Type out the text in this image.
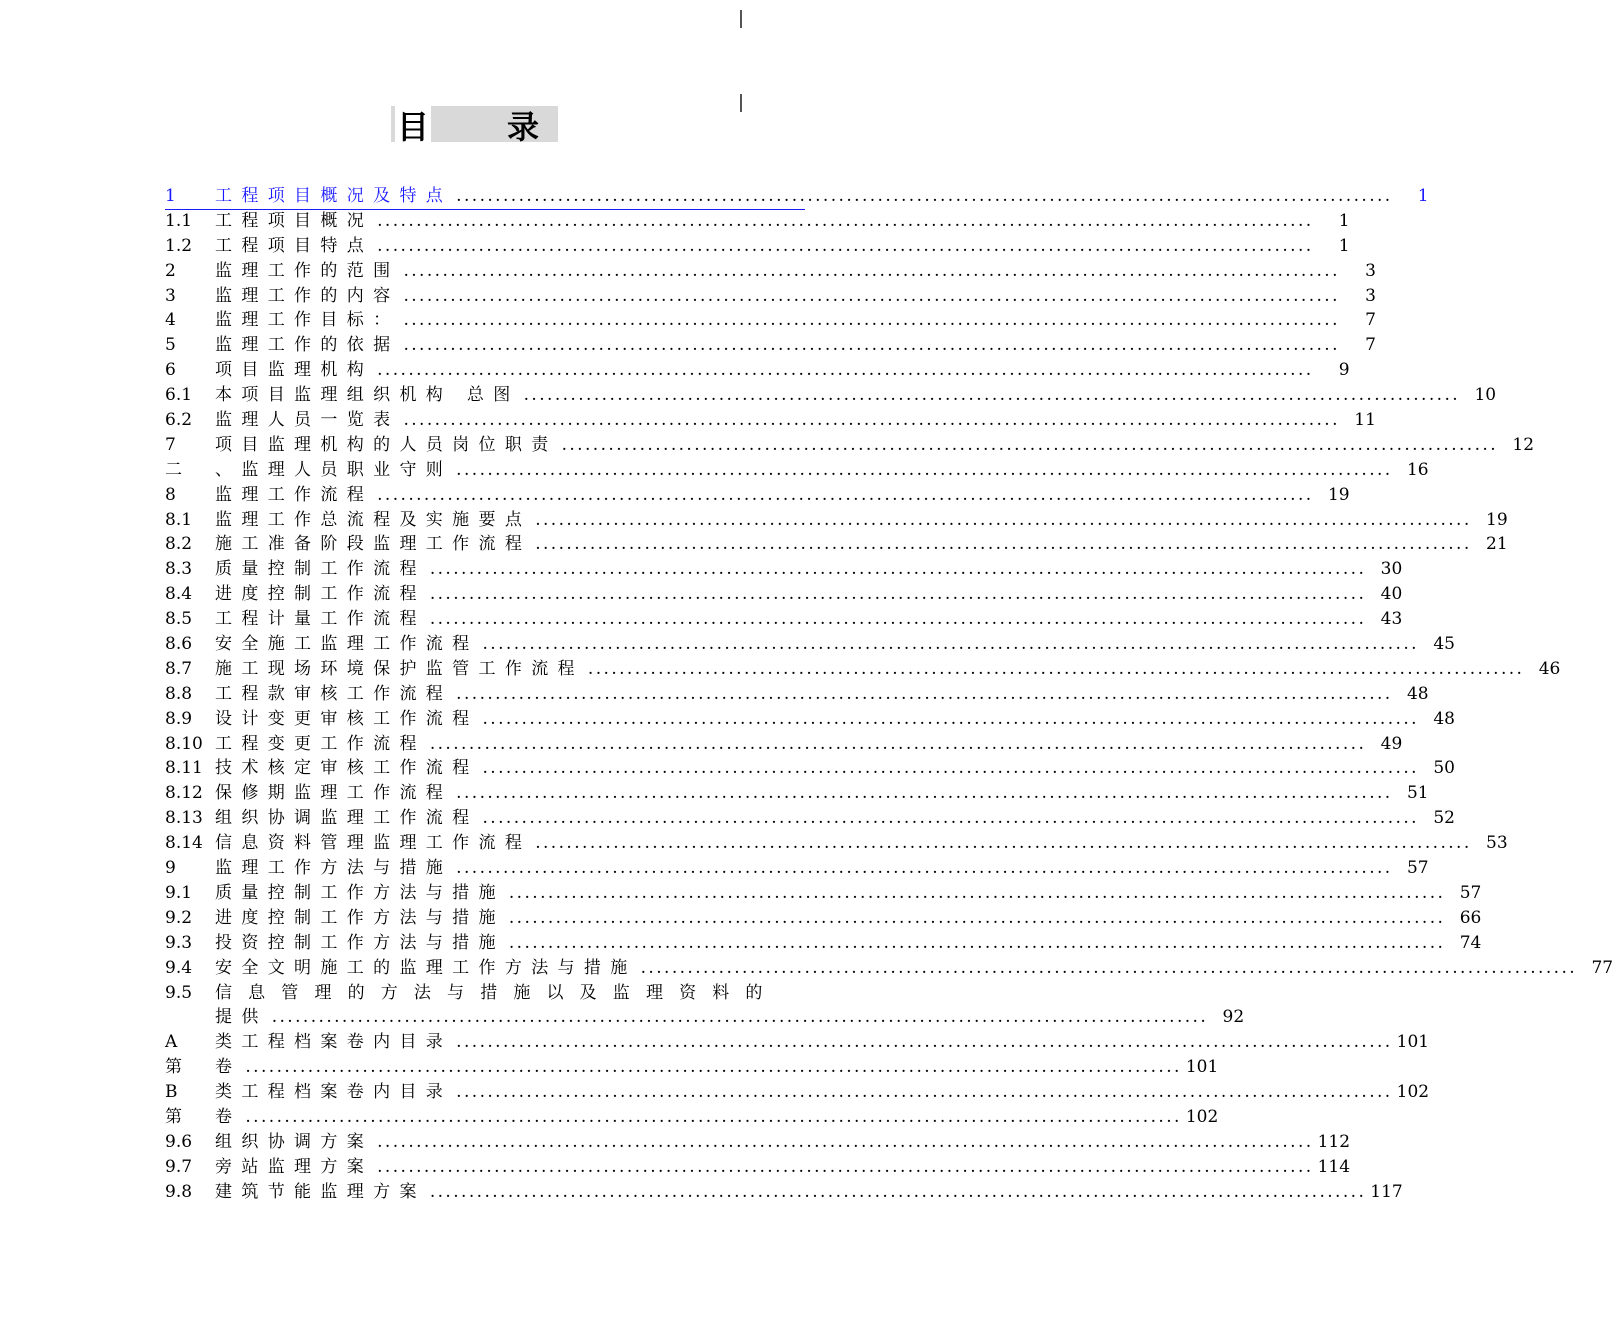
目 录
1	工程项目概况及特点 ........................................................................................................................	1
1.1	工程项目概况 ........................................................................................................................	1
1.2	工程项目特点 ........................................................................................................................	1
2	监理工作的范围 ........................................................................................................................	3
3	监理工作的内容 ........................................................................................................................	3
4	监理工作目标： ........................................................................................................................	7
5	监理工作的依据 ........................................................................................................................	7
6	项目监理机构 ........................................................................................................................	9
6.1	本项目监理组织机构 总图 ........................................................................................................................ 10
6.2	监理人员一览表 ........................................................................................................................ 11
7	项目监理机构的人员岗位职责 ........................................................................................................................ 12
二	、监理人员职业守则 ........................................................................................................................ 16
8	监理工作流程 ........................................................................................................................ 19
8.1	监理工作总流程及实施要点 ........................................................................................................................ 19
8.2	施工准备阶段监理工作流程 ........................................................................................................................ 21
8.3	质量控制工作流程 ........................................................................................................................ 30
8.4	进度控制工作流程 ........................................................................................................................ 40
8.5	工程计量工作流程 ........................................................................................................................ 43
8.6	安全施工监理工作流程 ........................................................................................................................ 45
8.7	施工现场环境保护监管工作流程 ........................................................................................................................ 46
8.8	工程款审核工作流程 ........................................................................................................................ 48
8.9	设计变更审核工作流程 ........................................................................................................................ 48
8.10 工程变更工作流程 ........................................................................................................................ 49
8.11 技术核定审核工作流程 ........................................................................................................................ 50
8.12 保修期监理工作流程 ........................................................................................................................ 51
8.13 组织协调监理工作流程 ........................................................................................................................ 52
8.14 信息资料管理监理工作流程 ........................................................................................................................ 53
9	监理工作方法与措施 ........................................................................................................................ 57
9.1	质量控制工作方法与措施 ........................................................................................................................ 57
9.2	进度控制工作方法与措施 ........................................................................................................................ 66
9.3	投资控制工作方法与措施 ........................................................................................................................ 74
9.4	安全文明施工的监理工作方法与措施 ........................................................................................................................ 77
9.5	信息管理的方法与措施以及监理资料的
提供 ........................................................................................................................ 92
A	类工程档案卷内目录 ........................................................................................................................ 101
第	卷 ........................................................................................................................ 101
B	类工程档案卷内目录 ........................................................................................................................ 102
第	卷 ........................................................................................................................ 102
9.6	组织协调方案 ........................................................................................................................ 112
9.7	旁站监理方案 ........................................................................................................................ 114
9.8	建筑节能监理方案 ........................................................................................................................ 117
